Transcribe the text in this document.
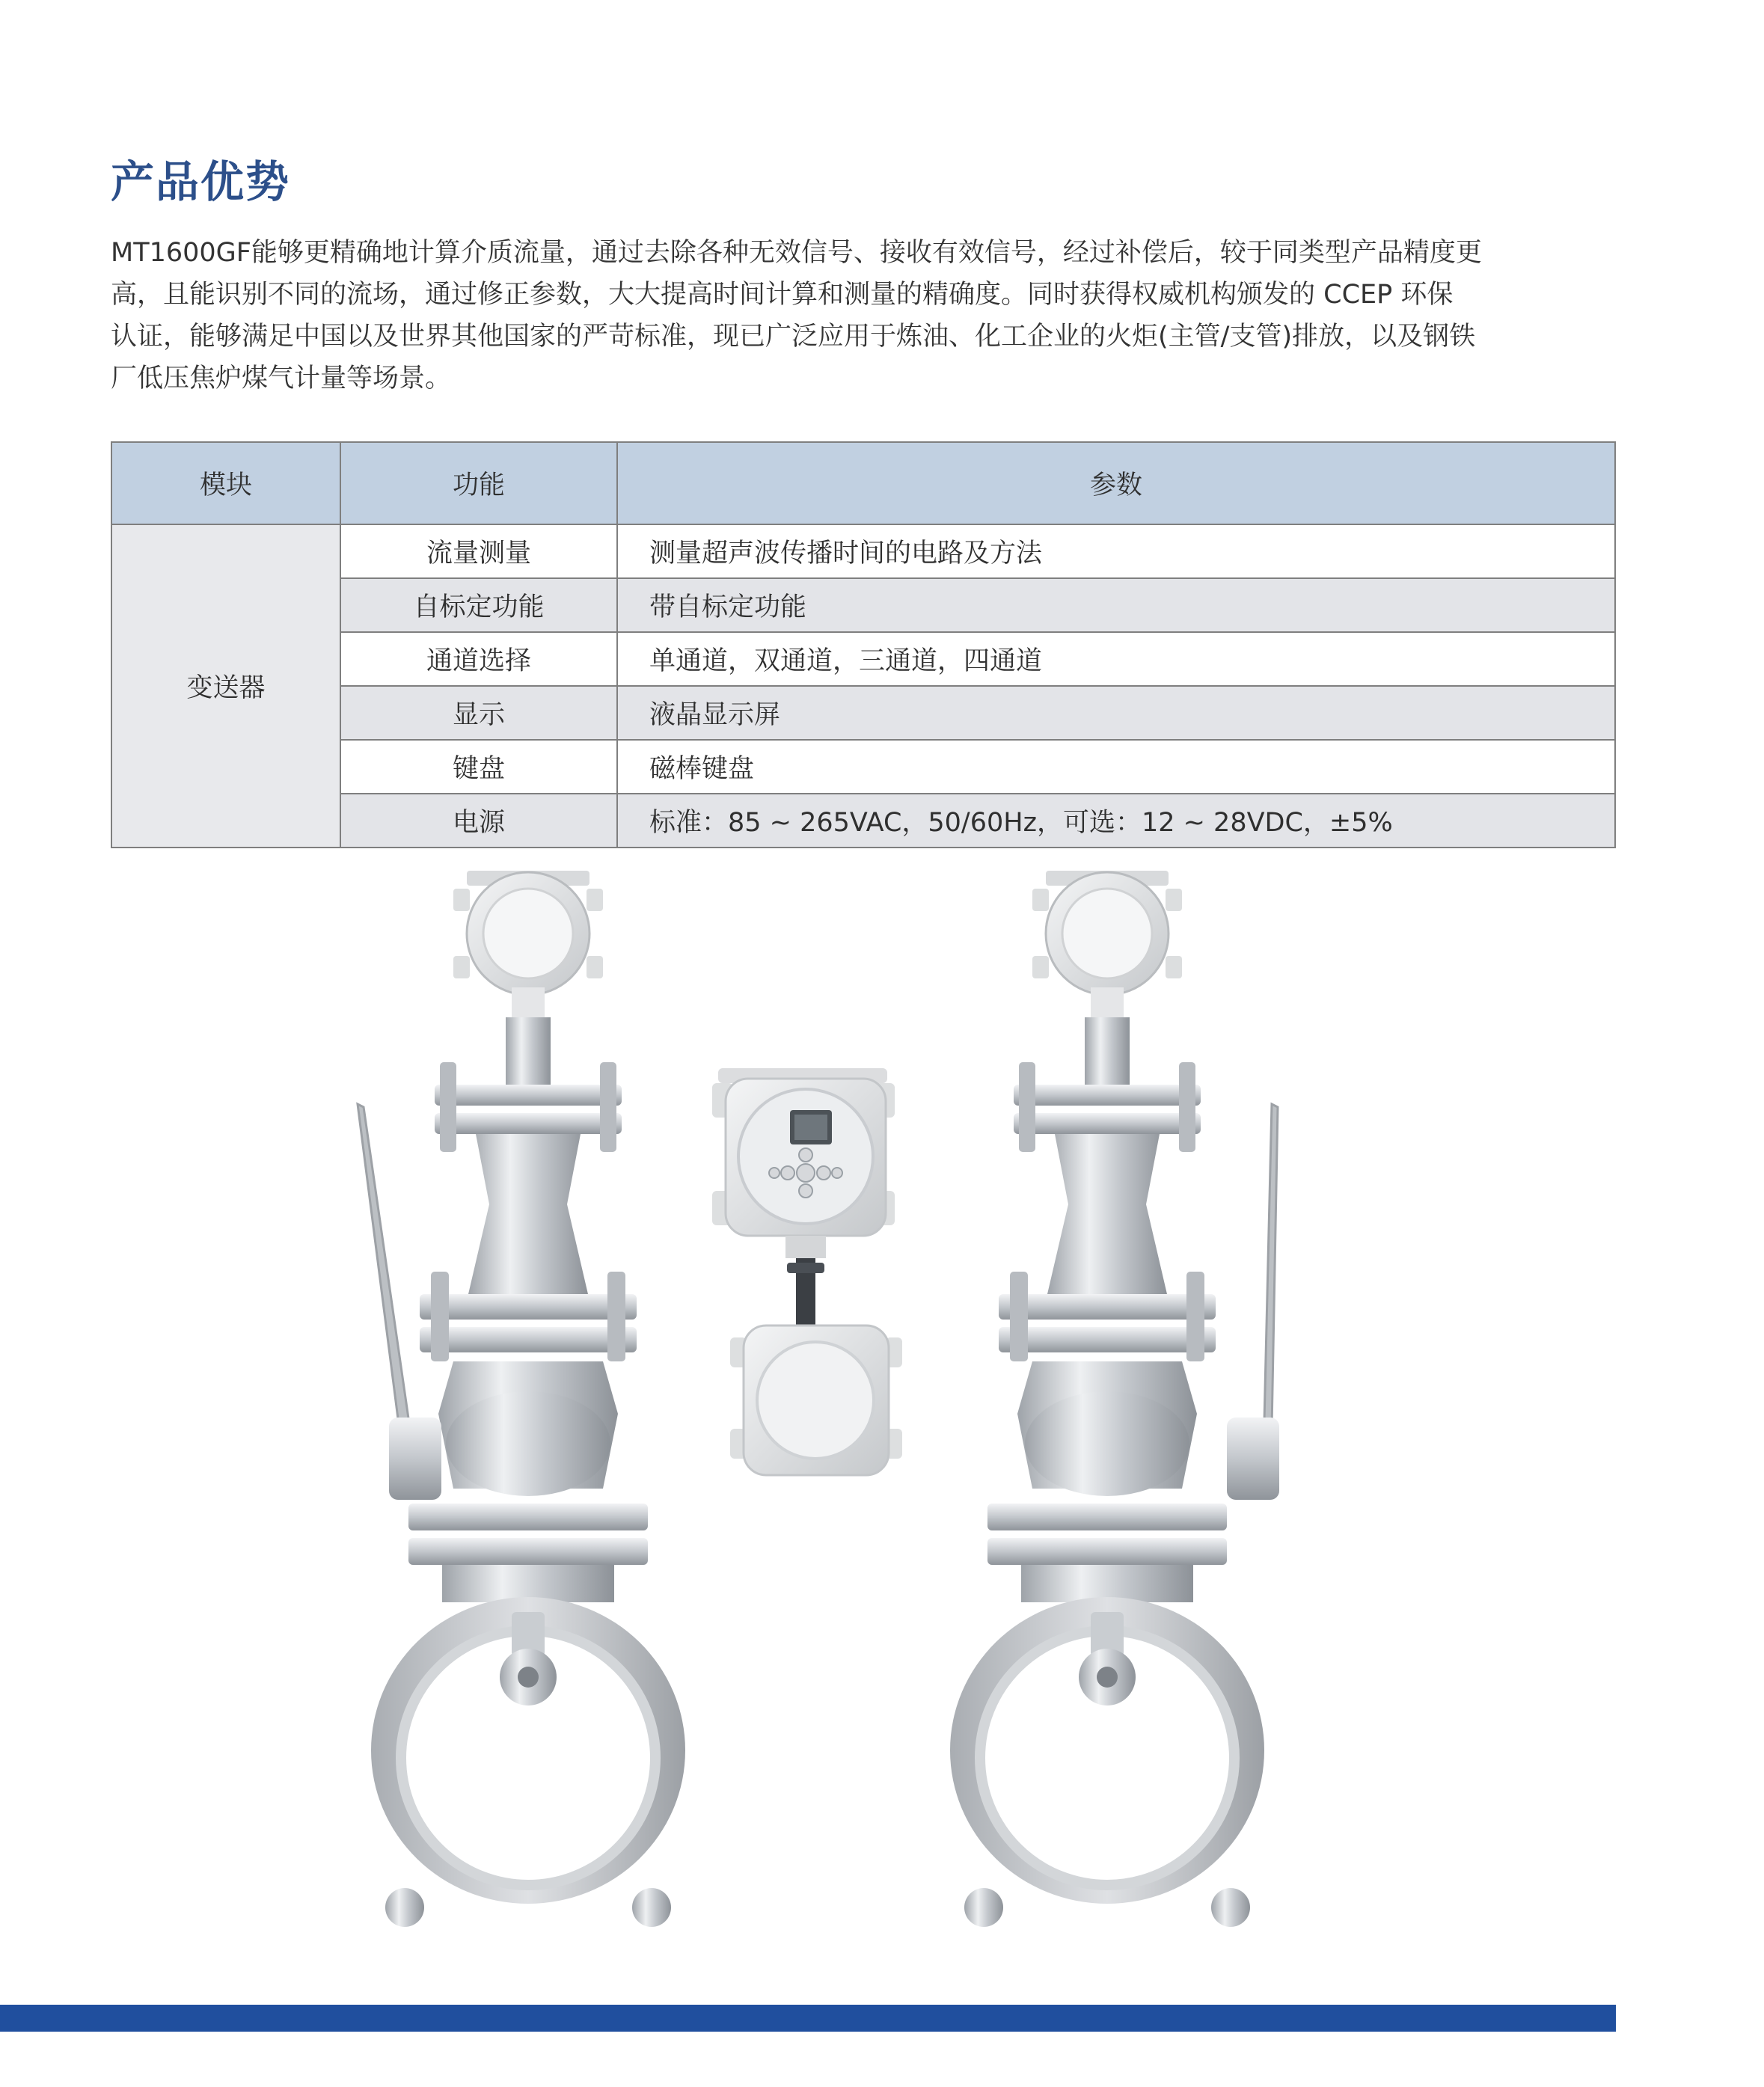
产品优势

MT1600GF能够更精确地计算介质流量，通过去除各种无效信号、接收有效信号，经过补偿后，较于同类型产品精度更

高，且能识别不同的流场，通过修正参数，大大提高时间计算和测量的精确度。同时获得权威机构颁发的 CCEP 环保

认证，能够满足中国以及世界其他国家的严苛标准，现已广泛应用于炼油、化工企业的火炬(主管/支管)排放，以及钢铁

厂低压焦炉煤气计量等场景。

模块	功能	参数
变送器	流量测量	测量超声波传播时间的电路及方法
	自标定功能	带自标定功能
	通道选择	单通道，双通道，三通道，四通道
	显示	液晶显示屏
	键盘	磁棒键盘
	电源	标准：85 ~ 265VAC，50/60Hz，可选：12 ~ 28VDC，±5%
